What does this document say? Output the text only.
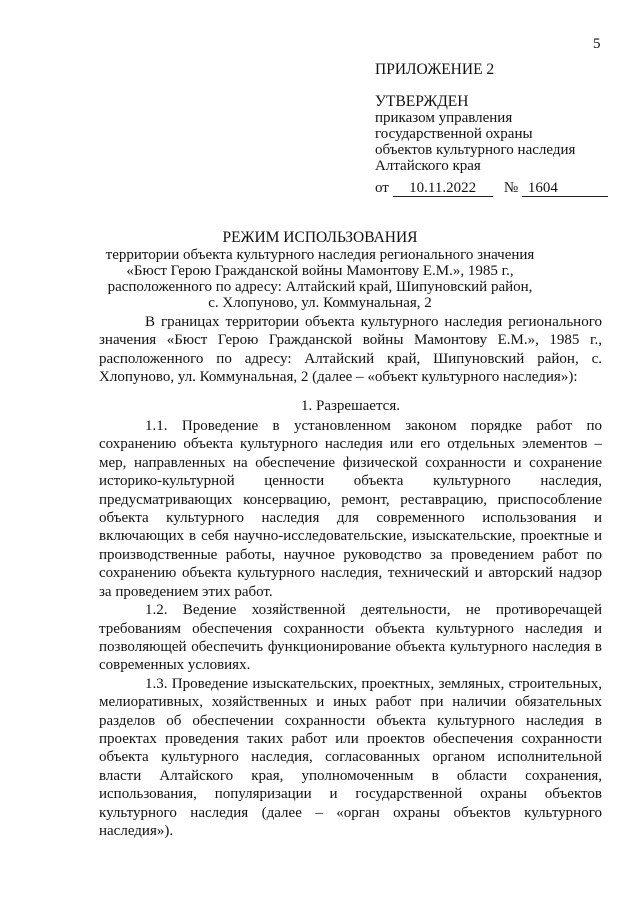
5
ПРИЛОЖЕНИЕ 2
УТВЕРЖДЕН
приказом управления
государственной охраны
объектов культурного наследия
Алтайского края
от 10.11.2022 № 1604
РЕЖИМ ИСПОЛЬЗОВАНИЯ
территории объекта культурного наследия регионального значения
«Бюст Герою Гражданской войны Мамонтову Е.М.», 1985 г.,
расположенного по адресу: Алтайский край, Шипуновский район,
с. Хлопуново, ул. Коммунальная, 2

В границах территории объекта культурного наследия регионального значения «Бюст Герою Гражданской войны Мамонтову Е.М.», 1985 г., расположенного по адресу: Алтайский край, Шипуновский район, с. Хлопуново, ул. Коммунальная, 2 (далее – «объект культурного наследия»):

1. Разрешается.

1.1. Проведение в установленном законом порядке работ по сохранению объекта культурного наследия или его отдельных элементов – мер, направленных на обеспечение физической сохранности и сохранение историко-культурной ценности объекта культурного наследия, предусматривающих консервацию, ремонт, реставрацию, приспособление объекта культурного наследия для современного использования и включающих в себя научно-исследовательские, изыскательские, проектные и производственные работы, научное руководство за проведением работ по сохранению объекта культурного наследия, технический и авторский надзор за проведением этих работ.

1.2. Ведение хозяйственной деятельности, не противоречащей требованиям обеспечения сохранности объекта культурного наследия и позволяющей обеспечить функционирование объекта культурного наследия в современных условиях.

1.3. Проведение изыскательских, проектных, земляных, строительных, мелиоративных, хозяйственных и иных работ при наличии обязательных разделов об обеспечении сохранности объекта культурного наследия в проектах проведения таких работ или проектов обеспечения сохранности объекта культурного наследия, согласованных органом исполнительной власти Алтайского края, уполномоченным в области сохранения, использования, популяризации и государственной охраны объектов культурного наследия (далее – «орган охраны объектов культурного наследия»).
